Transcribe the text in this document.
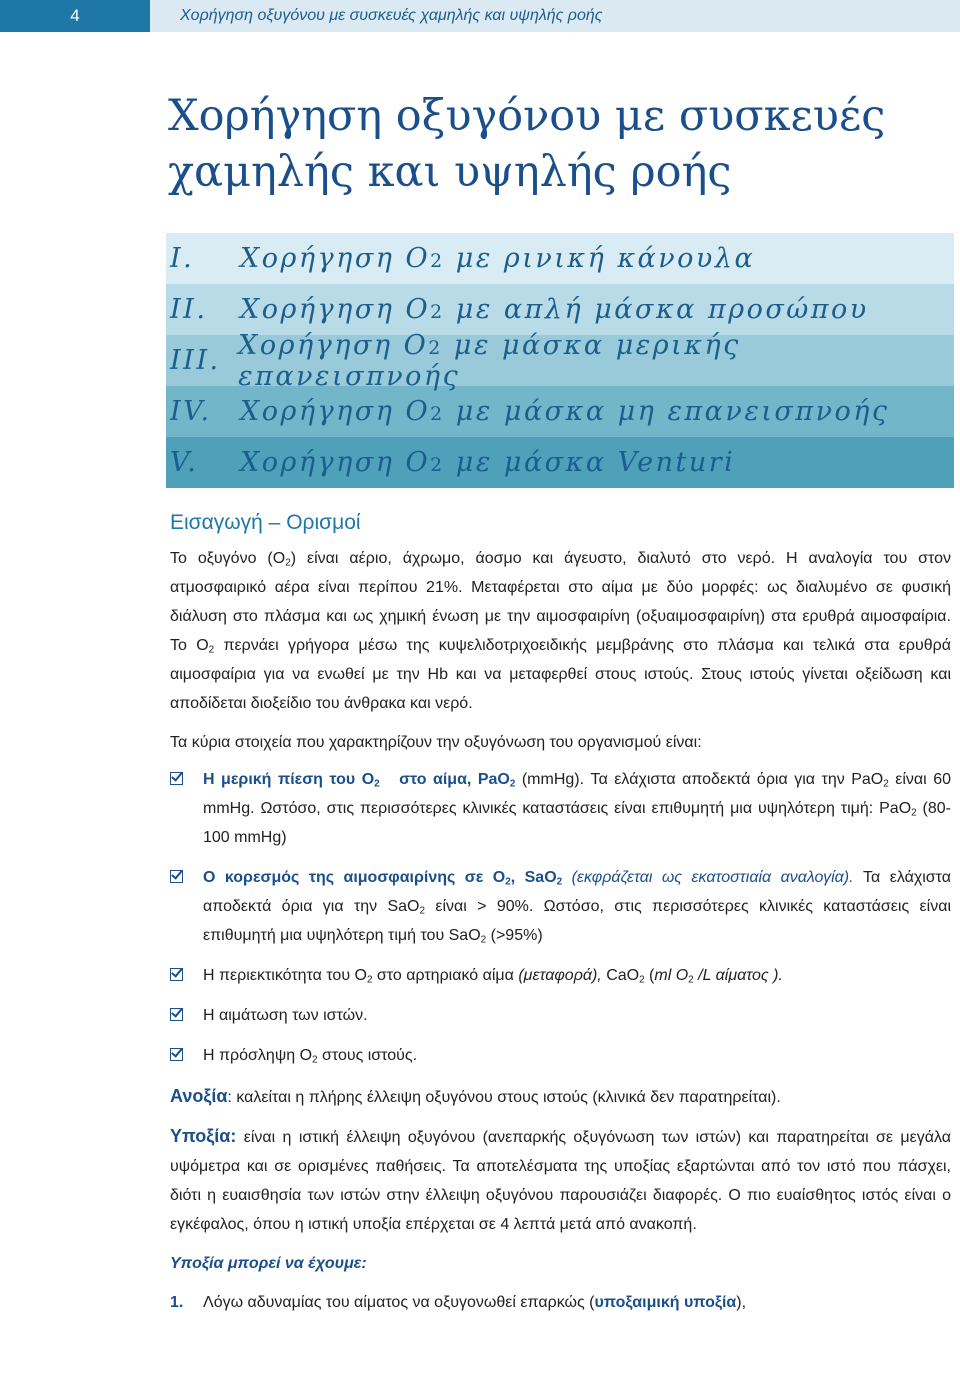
4	Χορήγηση οξυγόνου με συσκευές χαμηλής και υψηλής ροής
Χορήγηση οξυγόνου με συσκευές
χαμηλής και υψηλής ροής
I.	Χορήγηση O2 με ρινική κάνουλα
II.	Χορήγηση O2 με απλή μάσκα προσώπου
III. Χορήγηση O2 με μάσκα μερικής επανεισπνοής
IV.	Χορήγηση O2 με μάσκα μη επανεισπνοής
V.	Χορήγηση O2 με μάσκα Venturi
Εισαγωγή – Ορισμοί

Το οξυγόνο $(O_2)$ είναι αέριο, άχρωμο, άοσμο και άγευστο, διαλυτό στο νερό. Η αναλογία του στον ατμοσφαιρικό αέρα είναι περίπου 21%. Μεταφέρεται στο αίμα με δύο μορφές: ως διαλυμένο σε φυσική διάλυση στο πλάσμα και ως χημική ένωση με την αιμοσφαιρίνη (οξυαιμοσφαιρίνη) στα ερυθρά αιμοσφαίρια. Το $O_2$ περνάει γρήγορα μέσω της κυψελιδοτριχοειδικής μεμβράνης στο πλάσμα και τελικά στα ερυθρά αιμοσφαίρια για να ενωθεί με την Hb και να μεταφερθεί στους ιστούς. Στους ιστούς γίνεται οξείδωση και αποδίδεται διοξείδιο του άνθρακα και νερό.

Τα κύρια στοιχεία που χαρακτηρίζουν την οξυγόνωση του οργανισμού είναι:

Η μερική πίεση του $O_2$ στο αίμα, PaO$_2$ (mmHg). Τα ελάχιστα αποδεκτά όρια για την PaO$_2$ είναι 60 mmHg. Ωστόσο, στις περισσότερες κλινικές καταστάσεις είναι επιθυμητή μια υψηλότερη τιμή: PaO$_2$ (80-100 mmHg)
Ο κορεσμός της αιμοσφαιρίνης σε $O_2$, SaO$_2$ (εκφράζεται ως εκατοστιαία αναλογία). Τα ελάχιστα αποδεκτά όρια για την SaO$_2$ είναι > 90%. Ωστόσο, στις περισσότερες κλινικές καταστάσεις είναι επιθυμητή μια υψηλότερη τιμή του SaO$_2$ (>95%)
Η περιεκτικότητα του $O_2$ στο αρτηριακό αίμα (μεταφορά), CaO$_2$ (ml $O_2$ /L αίματος ).
Η αιμάτωση των ιστών.
Η πρόσληψη $O_2$ στους ιστούς.

Ανοξία: καλείται η πλήρης έλλειψη οξυγόνου στους ιστούς (κλινικά δεν παρατηρείται).

Υποξία: είναι η ιστική έλλειψη οξυγόνου (ανεπαρκής οξυγόνωση των ιστών) και παρατηρείται σε μεγάλα υψόμετρα και σε ορισμένες παθήσεις. Τα αποτελέσματα της υποξίας εξαρτώνται από τον ιστό που πάσχει, διότι η ευαισθησία των ιστών στην έλλειψη οξυγόνου παρουσιάζει διαφορές. Ο πιο ευαίσθητος ιστός είναι ο εγκέφαλος, όπου η ιστική υποξία επέρχεται σε 4 λεπτά μετά από ανακοπή.

Υποξία μπορεί να έχουμε:

1. Λόγω αδυναμίας του αίματος να οξυγονωθεί επαρκώς (υποξαιμική υποξία),
